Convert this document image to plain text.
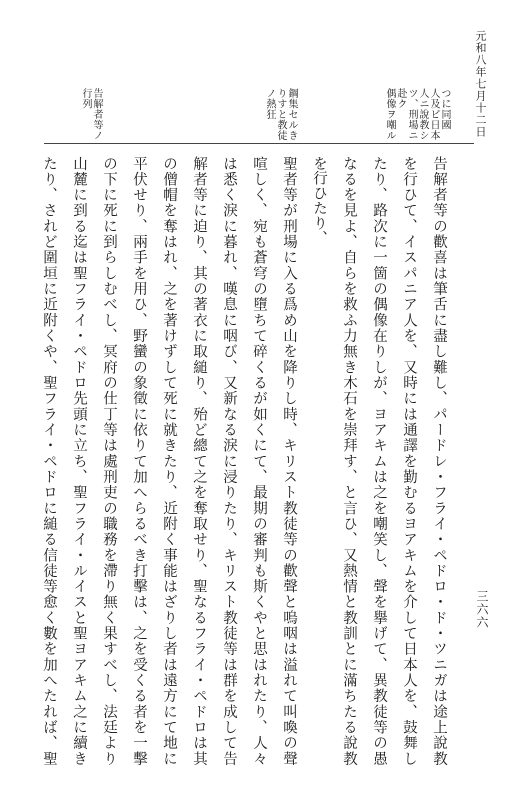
元和八年七月十二日
つに同國
人及ビ日本
人ニ說教シ
ツ、刑場ニ
赴ク
偶像ヲ嘲ル
鋼集セルき
りすと教徒
ノ熱狂
告解者等ノ
行列
告解者等の歡喜は筆舌に盡し難し、パードレ・フライ・ペドロ・ド・ツニガは途上說教
を行ひて、イスパニア人を、又時には通譯を勤むるヨアキムを介して日本人を、鼓舞し
たり、路次に一箇の偶像在りしが、ヨアキムは之を嘲笑し、聲を擧げて、異教徒等の愚
なるを見よ、自らを救ふ力無き木石を崇拜す、と言ひ、又熱情と教訓とに滿ちたる說教
を行ひたり、
聖者等が刑場に入る爲め山を降りし時、キリスト教徒等の歡聲と嗚咽は溢れて叫喚の聲
喧しく、宛も蒼穹の墮ちて碎くるが如くにて、最期の審判も斯くやと思はれたり、人々
は悉く淚に暮れ、嘆息に咽び、又新なる淚に浸りたり、キリスト教徒等は群を成して告
解者等に迫り、其の著衣に取縋り、殆ど總て之を奪取せり、聖なるフライ・ペドロは其
の僧帽を奪はれ、之を著けずして死に就きたり、近附く事能はざりし者は遠方にて地に
平伏せり、兩手を用ひ、野蠻の象徵に依りて加へらるべき打擊は、之を受くる者を一擊
の下に死に到らしむべし、冥府の仕丁等は處刑吏の職務を滯り無く果すべし、法廷より
山麓に到る迄は聖フライ・ペドロ先頭に立ち、聖フライ・ルイスと聖ヨアキム之に續き
たり、されど圍垣に近附くや、聖フライ・ペドロに縋る信徒等愈く數を加へたれば、聖	三六六
